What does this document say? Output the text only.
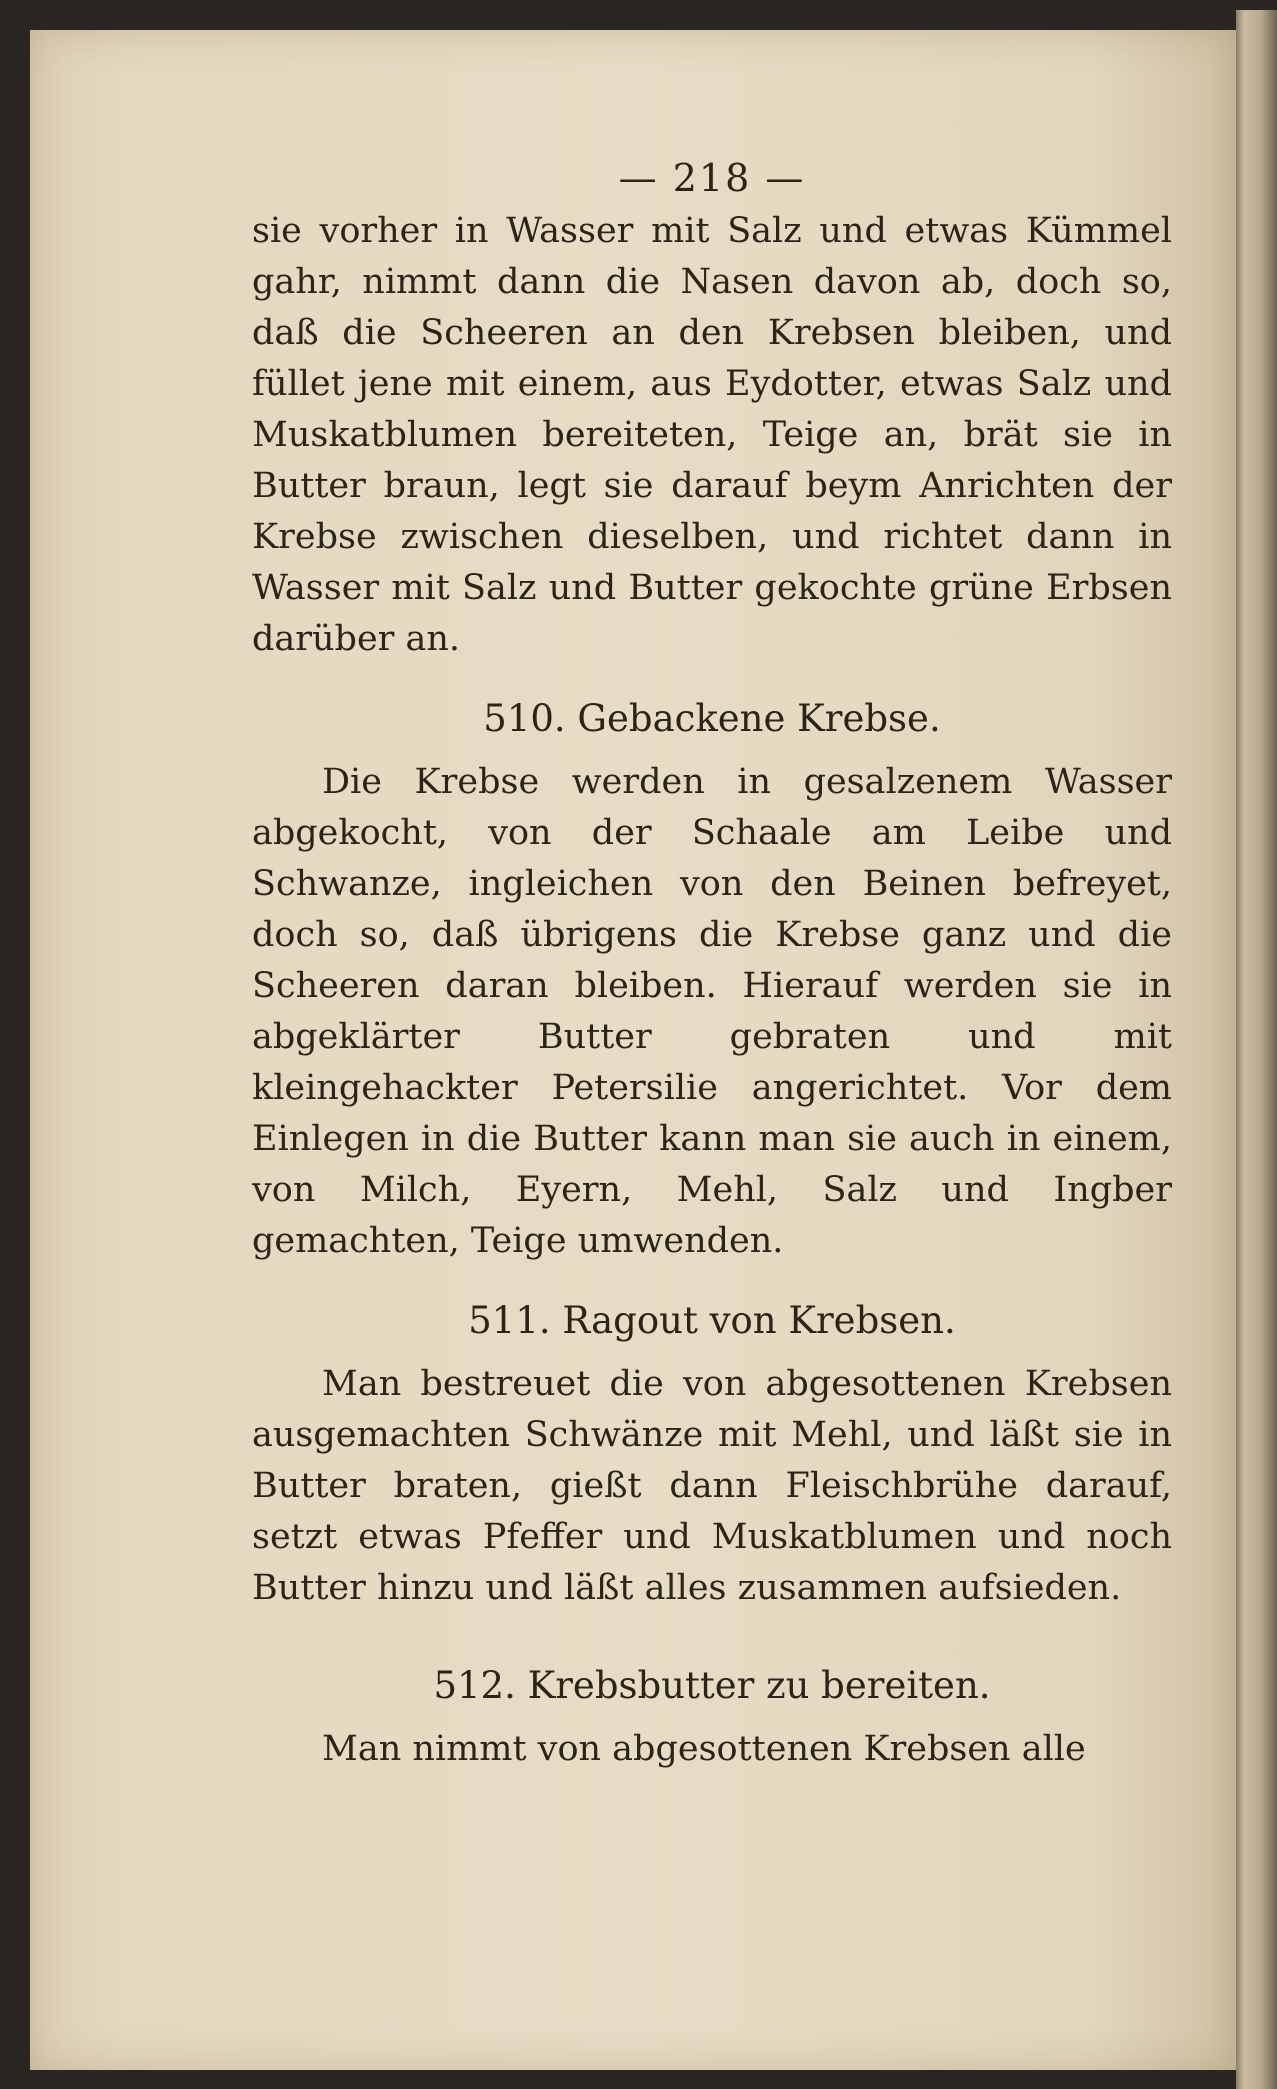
— 218 —

sie vorher in Wasser mit Salz und etwas Kümmel gahr, nimmt dann die Nasen davon ab, doch so, daß die Scheeren an den Krebsen bleiben, und füllet jene mit einem, aus Eydotter, etwas Salz und Muskatblumen bereiteten, Teige an, brät sie in Butter braun, legt sie darauf beym Anrichten der Krebse zwischen dieselben, und richtet dann in Wasser mit Salz und Butter gekochte grüne Erbsen darüber an.

510. Gebackene Krebse.

Die Krebse werden in gesalzenem Wasser abgekocht, von der Schaale am Leibe und Schwanze, ingleichen von den Beinen befreyet, doch so, daß übrigens die Krebse ganz und die Scheeren daran bleiben. Hierauf werden sie in abgeklärter Butter gebraten und mit kleingehackter Petersilie angerichtet. Vor dem Einlegen in die Butter kann man sie auch in einem, von Milch, Eyern, Mehl, Salz und Ingber gemachten, Teige umwenden.

511. Ragout von Krebsen.

Man bestreuet die von abgesottenen Krebsen ausgemachten Schwänze mit Mehl, und läßt sie in Butter braten, gießt dann Fleischbrühe darauf, setzt etwas Pfeffer und Muskatblumen und noch Butter hinzu und läßt alles zusammen aufsieden.

512. Krebsbutter zu bereiten.

Man nimmt von abgesottenen Krebsen alle
